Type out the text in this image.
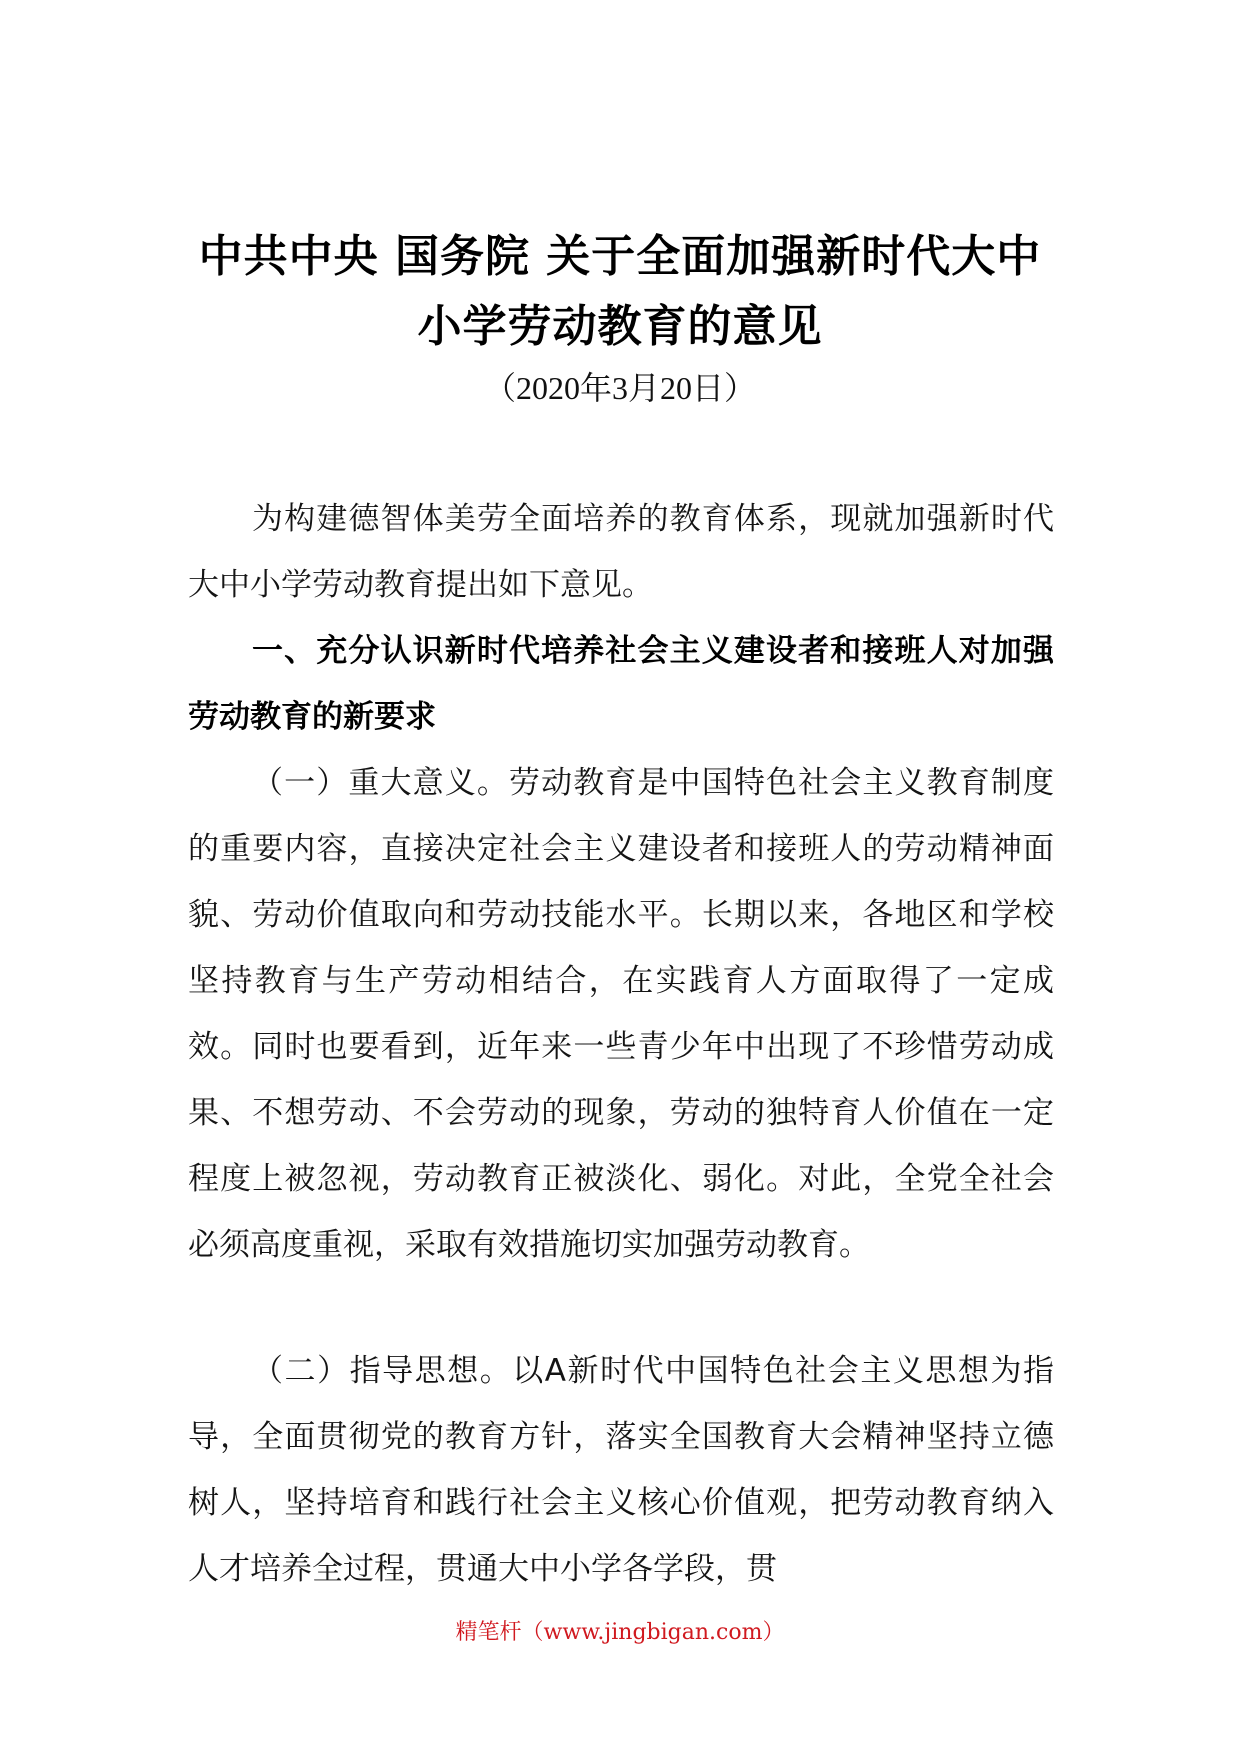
中共中央 国务院 关于全面加强新时代大中
小学劳动教育的意见
（2020年3月20日）

为构建德智体美劳全面培养的教育体系，现就加强新时代大中小学劳动教育提出如下意见。

一、充分认识新时代培养社会主义建设者和接班人对加强劳动教育的新要求

（一）重大意义。劳动教育是中国特色社会主义教育制度的重要内容，直接决定社会主义建设者和接班人的劳动精神面貌、劳动价值取向和劳动技能水平。长期以来，各地区和学校坚持教育与生产劳动相结合，在实践育人方面取得了一定成效。同时也要看到，近年来一些青少年中出现了不珍惜劳动成果、不想劳动、不会劳动的现象，劳动的独特育人价值在一定程度上被忽视，劳动教育正被淡化、弱化。对此，全党全社会必须高度重视，采取有效措施切实加强劳动教育。

（二）指导思想。以A新时代中国特色社会主义思想为指导，全面贯彻党的教育方针，落实全国教育大会精神坚持立德树人，坚持培育和践行社会主义核心价值观，把劳动教育纳入人才培养全过程，贯通大中小学各学段，贯

精笔杆（www.jingbigan.com）
